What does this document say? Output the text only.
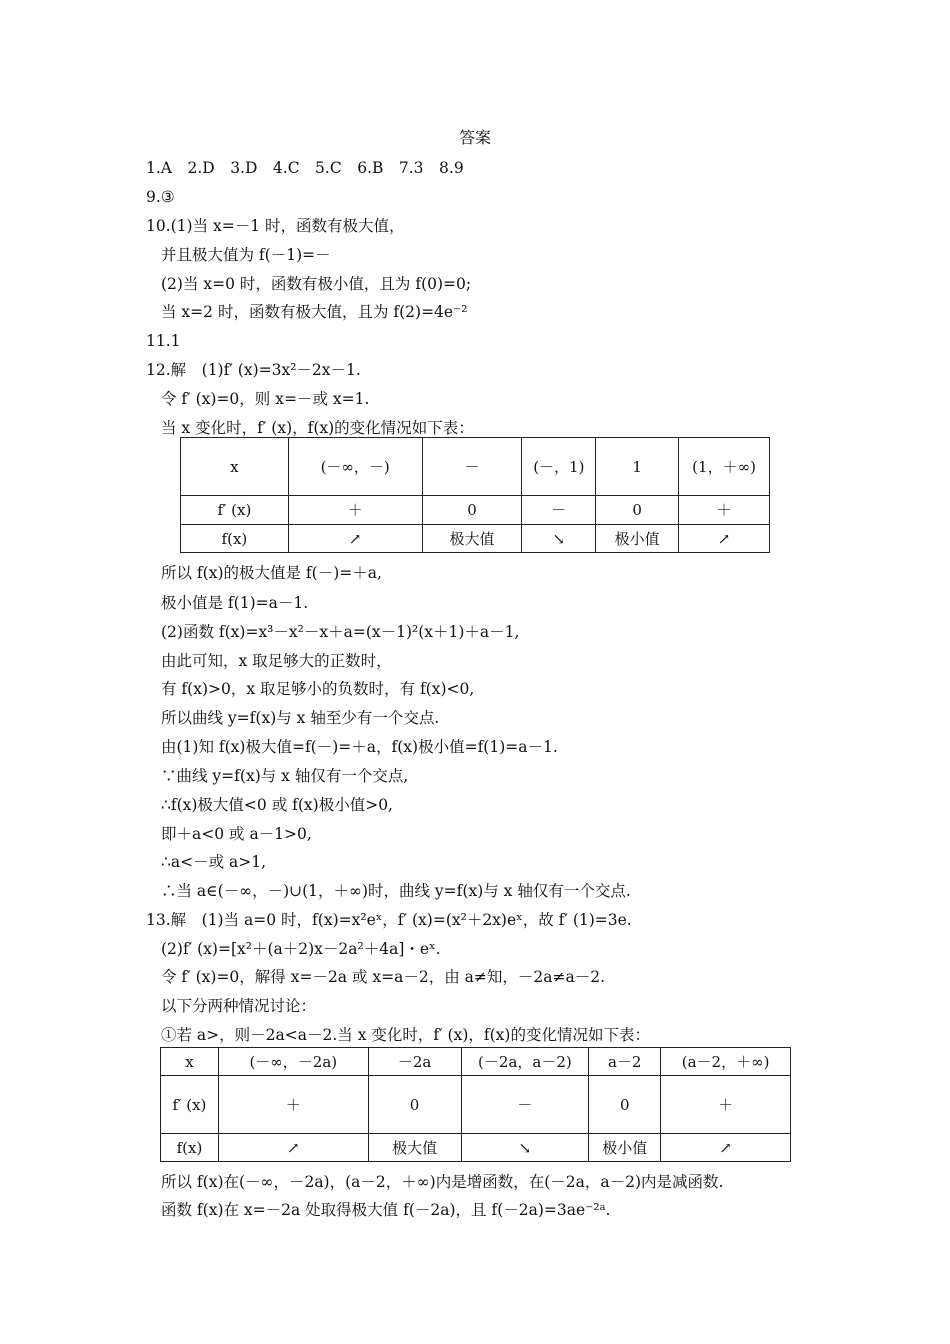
答案
1.A　2.D　3.D　4.C　5.C　6.B　7.3　8.9
9.③
10.(1)当 x=－1 时，函数有极大值，
并且极大值为 f(－1)=－
(2)当 x=0 时，函数有极小值，且为 f(0)=0;
当 x=2 时，函数有极大值，且为 f(2)=4e⁻²
11.1
12.解　(1)f′ (x)=3x²－2x－1.
令 f′ (x)=0，则 x=－或 x=1.
当 x 变化时，f′ (x)，f(x)的变化情况如下表：
x	(－∞，－)	－	(－，1)	1	(1，＋∞)
f′ (x)	＋	0	－	0	＋
f(x)	↗	极大值	↘	极小值	↗
所以 f(x)的极大值是 f(－)=＋a,
极小值是 f(1)=a－1.
(2)函数 f(x)=x³－x²－x＋a=(x－1)²(x＋1)＋a－1,
由此可知，x 取足够大的正数时，
有 f(x)>0，x 取足够小的负数时，有 f(x)<0,
所以曲线 y=f(x)与 x 轴至少有一个交点.
由(1)知 f(x)极大值=f(－)=＋a，f(x)极小值=f(1)=a－1.
∵曲线 y=f(x)与 x 轴仅有一个交点,
∴f(x)极大值<0 或 f(x)极小值>0,
即＋a<0 或 a－1>0,
∴a<－或 a>1,
∴当 a∈(－∞，－)∪(1，＋∞)时，曲线 y=f(x)与 x 轴仅有一个交点.
13.解　(1)当 a=0 时，f(x)=x²eˣ，f′ (x)=(x²＋2x)eˣ，故 f′ (1)=3e.
(2)f′ (x)=[x²＋(a＋2)x－2a²＋4a]・eˣ.
令 f′ (x)=0，解得 x=－2a 或 x=a－2，由 a≠知，－2a≠a－2.
以下分两种情况讨论：
①若 a>，则－2a<a－2.当 x 变化时，f′ (x)，f(x)的变化情况如下表：
x	(－∞，－2a)	－2a	(－2a，a－2)	a－2	(a－2，＋∞)
f′ (x)	＋	0	－	0	＋
f(x)	↗	极大值	↘	极小值	↗
所以 f(x)在(－∞，－2a)，(a－2，＋∞)内是增函数，在(－2a，a－2)内是减函数.
函数 f(x)在 x=－2a 处取得极大值 f(－2a)，且 f(－2a)=3ae⁻²ᵃ.
